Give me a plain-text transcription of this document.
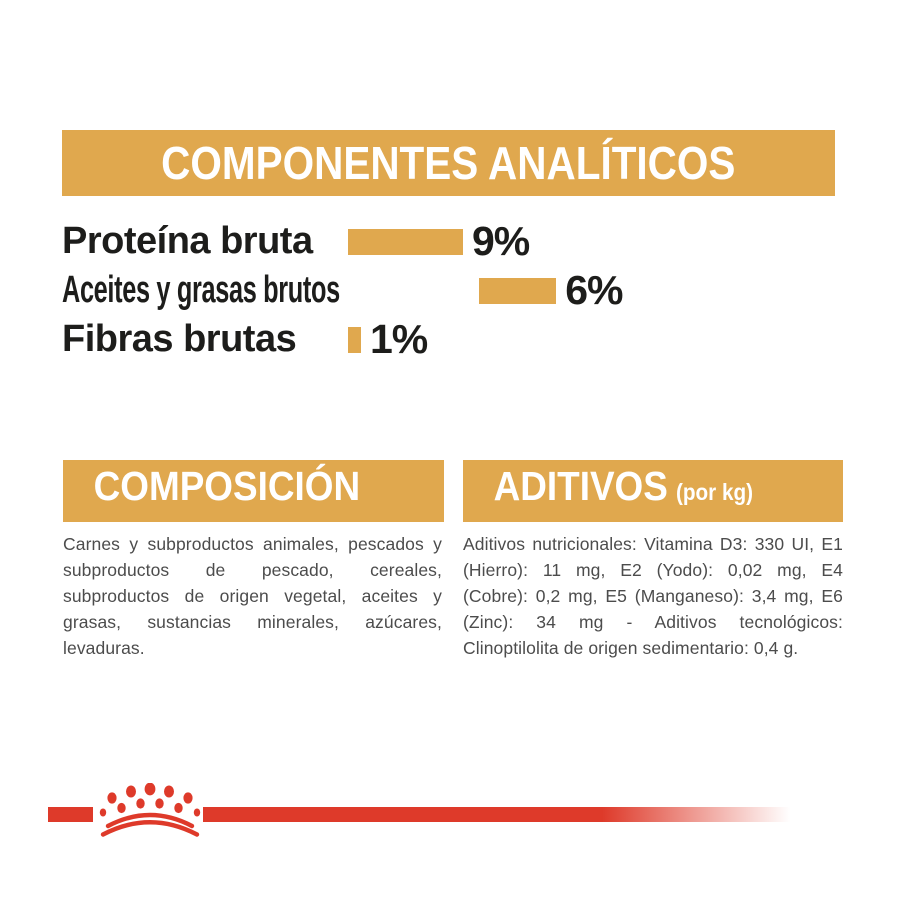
COMPONENTES ANALÍTICOS
Proteína bruta	9%
Aceites y grasas brutos	6%
Fibras brutas	1%
COMPOSICIÓN
Carnes y subproductos animales, pescados y subproductos de pescado, cereales, subproductos de origen vegetal, aceites y grasas, sustancias minerales, azúcares, levaduras.
ADITIVOS (por kg)
Aditivos nutricionales: Vitamina D3: 330 UI, E1 (Hierro): 11 mg, E2 (Yodo): 0,02 mg, E4 (Cobre): 0,2 mg, E5 (Manganeso): 3,4 mg, E6 (Zinc): 34 mg - Aditivos tecnológicos: Clinoptilolita de origen sedimentario: 0,4 g.
